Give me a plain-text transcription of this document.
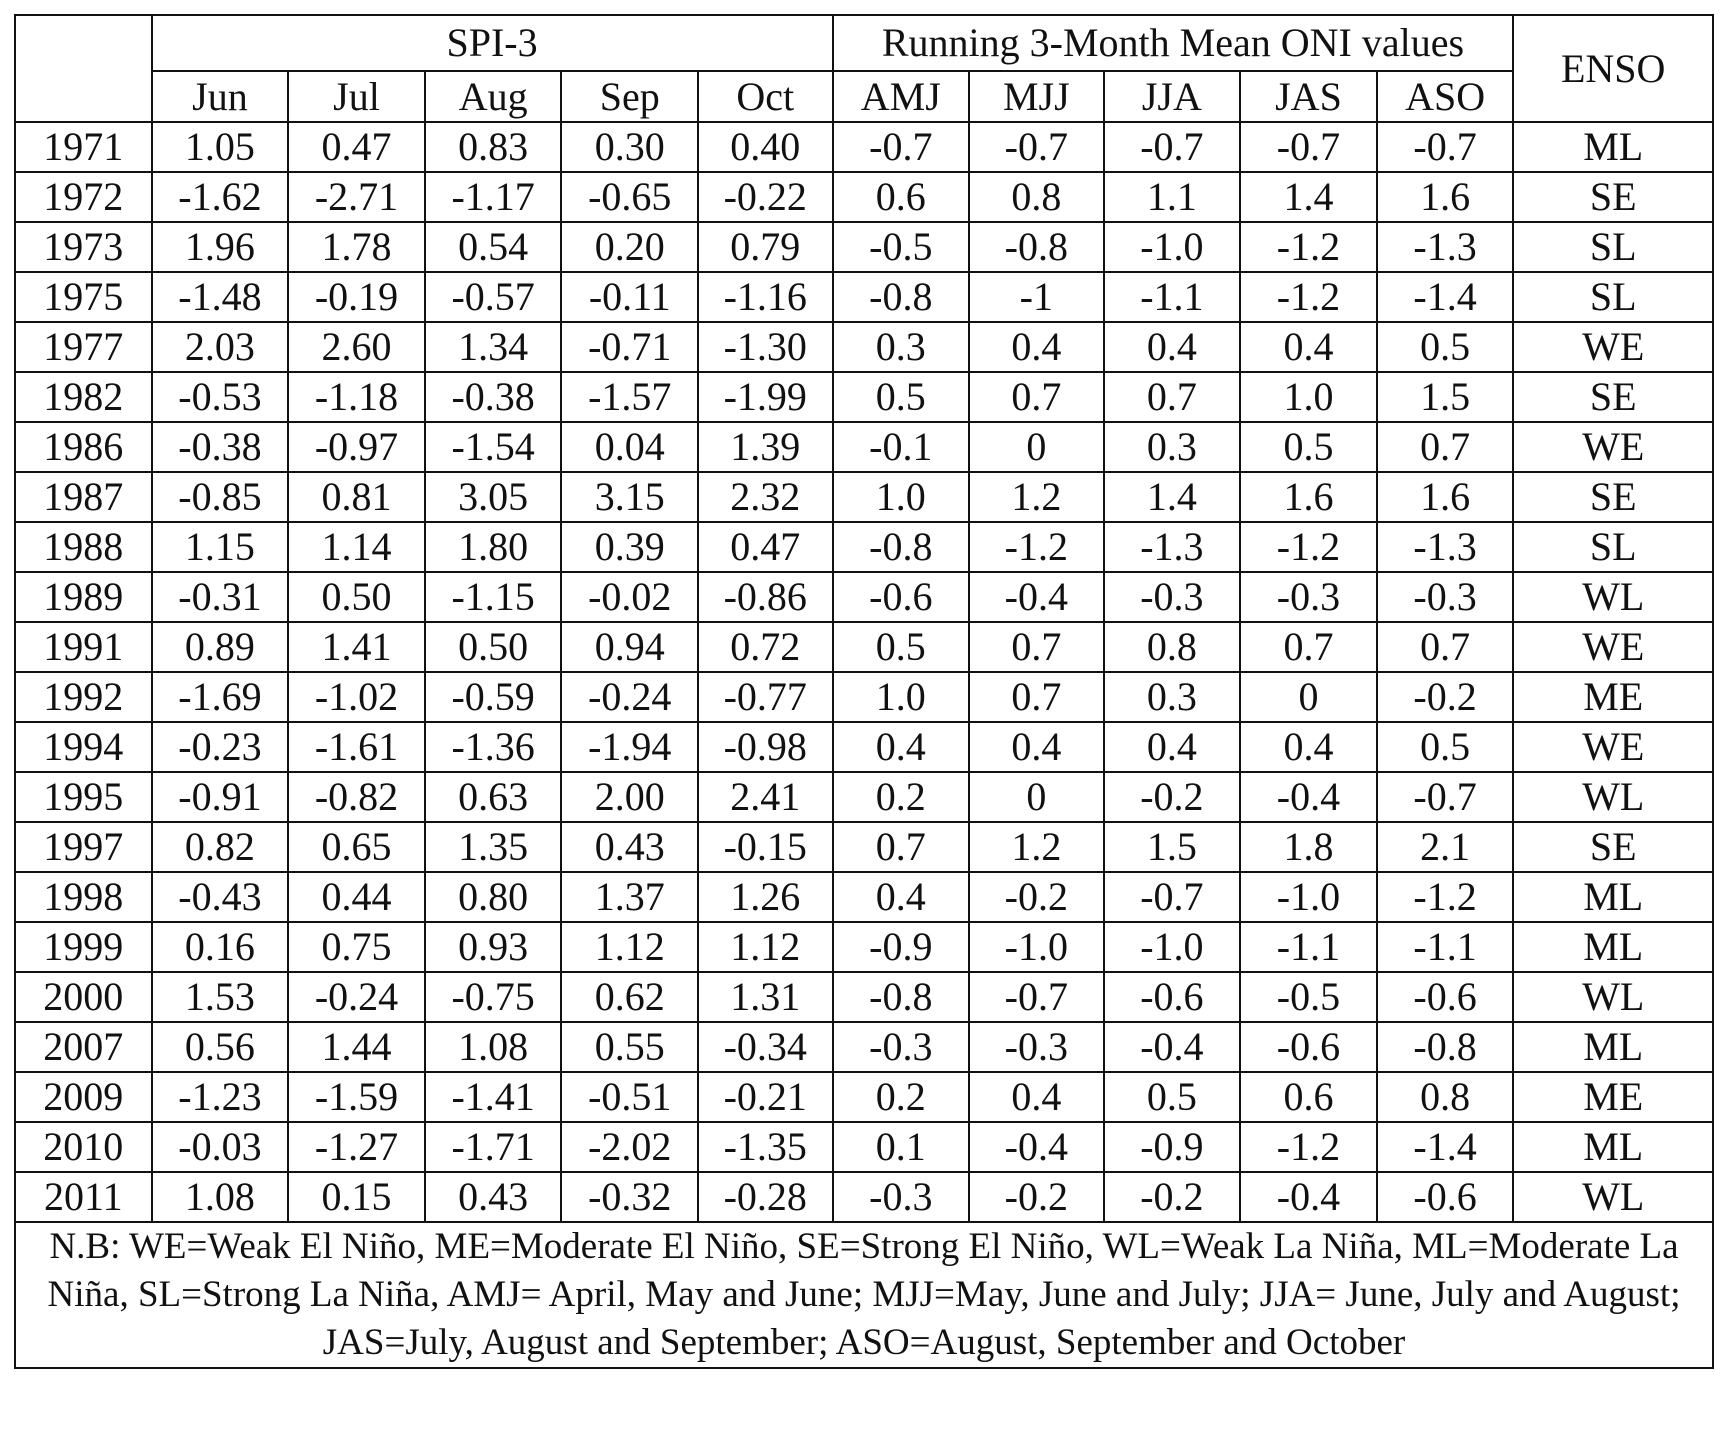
	SPI-3					Running 3-Month Mean ONI values					ENSO
	Jun	Jul	Aug	Sep	Oct	AMJ	MJJ	JJA	JAS	ASO	
1971	1.05	0.47	0.83	0.30	0.40	-0.7	-0.7	-0.7	-0.7	-0.7	ML
1972	-1.62	-2.71	-1.17	-0.65	-0.22	0.6	0.8	1.1	1.4	1.6	SE
1973	1.96	1.78	0.54	0.20	0.79	-0.5	-0.8	-1.0	-1.2	-1.3	SL
1975	-1.48	-0.19	-0.57	-0.11	-1.16	-0.8	-1	-1.1	-1.2	-1.4	SL
1977	2.03	2.60	1.34	-0.71	-1.30	0.3	0.4	0.4	0.4	0.5	WE
1982	-0.53	-1.18	-0.38	-1.57	-1.99	0.5	0.7	0.7	1.0	1.5	SE
1986	-0.38	-0.97	-1.54	0.04	1.39	-0.1	0	0.3	0.5	0.7	WE
1987	-0.85	0.81	3.05	3.15	2.32	1.0	1.2	1.4	1.6	1.6	SE
1988	1.15	1.14	1.80	0.39	0.47	-0.8	-1.2	-1.3	-1.2	-1.3	SL
1989	-0.31	0.50	-1.15	-0.02	-0.86	-0.6	-0.4	-0.3	-0.3	-0.3	WL
1991	0.89	1.41	0.50	0.94	0.72	0.5	0.7	0.8	0.7	0.7	WE
1992	-1.69	-1.02	-0.59	-0.24	-0.77	1.0	0.7	0.3	0	-0.2	ME
1994	-0.23	-1.61	-1.36	-1.94	-0.98	0.4	0.4	0.4	0.4	0.5	WE
1995	-0.91	-0.82	0.63	2.00	2.41	0.2	0	-0.2	-0.4	-0.7	WL
1997	0.82	0.65	1.35	0.43	-0.15	0.7	1.2	1.5	1.8	2.1	SE
1998	-0.43	0.44	0.80	1.37	1.26	0.4	-0.2	-0.7	-1.0	-1.2	ML
1999	0.16	0.75	0.93	1.12	1.12	-0.9	-1.0	-1.0	-1.1	-1.1	ML
2000	1.53	-0.24	-0.75	0.62	1.31	-0.8	-0.7	-0.6	-0.5	-0.6	WL
2007	0.56	1.44	1.08	0.55	-0.34	-0.3	-0.3	-0.4	-0.6	-0.8	ML
2009	-1.23	-1.59	-1.41	-0.51	-0.21	0.2	0.4	0.5	0.6	0.8	ME
2010	-0.03	-1.27	-1.71	-2.02	-1.35	0.1	-0.4	-0.9	-1.2	-1.4	ML
2011	1.08	0.15	0.43	-0.32	-0.28	-0.3	-0.2	-0.2	-0.4	-0.6	WL
N.B: WE=Weak El Niño, ME=Moderate El Niño, SE=Strong El Niño, WL=Weak La Niña, ML=Moderate La Niña, SL=Strong La Niña, AMJ= April, May and June; MJJ=May, June and July; JJA= June, July and August; JAS=July, August and September; ASO=August, September and October											
